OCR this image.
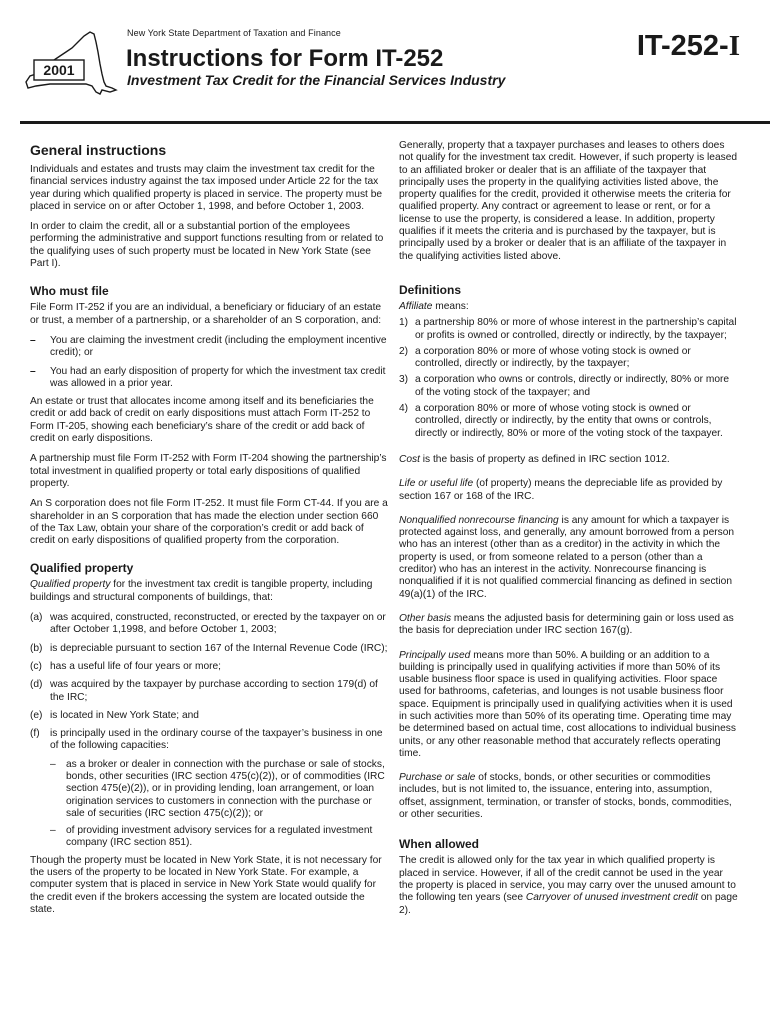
2001
New York State Department of Taxation and Finance
Instructions for Form IT-252
Investment Tax Credit for the Financial Services Industry
IT-252-I
General instructions

Individuals and estates and trusts may claim the investment tax credit for the financial services industry against the tax imposed under Article 22 for the tax year during which qualified property is placed in service. The property must be placed in service on or after October 1, 1998, and before October 1, 2003.

In order to claim the credit, all or a substantial portion of the employees performing the administrative and support functions resulting from or related to the qualifying uses of such property must be located in New York State (see Part I).

Who must file

File Form IT-252 if you are an individual, a beneficiary or fiduciary of an estate or trust, a member of a partnership, or a shareholder of an S corporation, and:

– You are claiming the investment credit (including the employment incentive credit); or
– You had an early disposition of property for which the investment tax credit was allowed in a prior year.

An estate or trust that allocates income among itself and its beneficiaries the credit or add back of credit on early dispositions must attach Form IT-252 to Form IT-205, showing each beneficiary’s share of the credit or add back of credit on early dispositions.

A partnership must file Form IT-252 with Form IT-204 showing the partnership’s total investment in qualified property or total early dispositions of qualified property.

An S corporation does not file Form IT-252. It must file Form CT-44. If you are a shareholder in an S corporation that has made the election under section 660 of the Tax Law, obtain your share of the corporation’s credit or add back of credit on early dispositions of qualified property from the corporation.

Qualified property

Qualified property for the investment tax credit is tangible property, including buildings and structural components of buildings, that:

(a) was acquired, constructed, reconstructed, or erected by the taxpayer on or after October 1,1998, and before October 1, 2003;
(b) is depreciable pursuant to section 167 of the Internal Revenue Code (IRC);
(c) has a useful life of four years or more;
(d) was acquired by the taxpayer by purchase according to section 179(d) of the IRC;
(e) is located in New York State; and
(f) is principally used in the ordinary course of the taxpayer’s business in one of the following capacities:
– as a broker or dealer in connection with the purchase or sale of stocks, bonds, other securities (IRC section 475(c)(2)), or of commodities (IRC section 475(e)(2)), or in providing lending, loan arrangement, or loan origination services to customers in connection with the purchase or sale of securities (IRC section 475(c)(2)); or
– of providing investment advisory services for a regulated investment company (IRC section 851).

Though the property must be located in New York State, it is not necessary for the users of the property to be located in New York State. For example, a computer system that is placed in service in New York State would qualify for the credit even if the brokers accessing the system are located outside the state.

Generally, property that a taxpayer purchases and leases to others does not qualify for the investment tax credit. However, if such property is leased to an affiliated broker or dealer that is an affiliate of the taxpayer that principally uses the property in the qualifying activities listed above, the property qualifies for the credit, provided it otherwise meets the criteria for qualified property. Any contract or agreement to lease or rent, or for a license to use the property, is considered a lease. In addition, property qualifies if it meets the criteria and is purchased by the taxpayer, but is principally used by a broker or dealer that is an affiliate of the taxpayer in the qualifying activities listed above.

Definitions

Affiliate means:

1) a partnership 80% or more of whose interest in the partnership’s capital or profits is owned or controlled, directly or indirectly, by the taxpayer;
2) a corporation 80% or more of whose voting stock is owned or controlled, directly or indirectly, by the taxpayer;
3) a corporation who owns or controls, directly or indirectly, 80% or more of the voting stock of the taxpayer; and
4) a corporation 80% or more of whose voting stock is owned or controlled, directly or indirectly, by the entity that owns or controls, directly or indirectly, 80% or more of the voting stock of the taxpayer.

Cost is the basis of property as defined in IRC section 1012.

Life or useful life (of property) means the depreciable life as provided by section 167 or 168 of the IRC.

Nonqualified nonrecourse financing is any amount for which a taxpayer is protected against loss, and generally, any amount borrowed from a person who has an interest (other than as a creditor) in the activity in which the property is used, or from someone related to a person (other than a creditor) who has an interest in the activity. Nonrecourse financing is nonqualified if it is not qualified commercial financing as defined in section 49(a)(1) of the IRC.

Other basis means the adjusted basis for determining gain or loss used as the basis for depreciation under IRC section 167(g).

Principally used means more than 50%. A building or an addition to a building is principally used in qualifying activities if more than 50% of its usable business floor space is used in qualifying activities. Floor space used for bathrooms, cafeterias, and lounges is not usable business floor space. Equipment is principally used in qualifying activities when it is used in such activities more than 50% of its operating time. Operating time may be determined based on actual time, cost allocations to individual business units, or any other reasonable method that accurately reflects operating time.

Purchase or sale of stocks, bonds, or other securities or commodities includes, but is not limited to, the issuance, entering into, assumption, offset, assignment, termination, or transfer of stocks, bonds, commodities, or other securities.

When allowed

The credit is allowed only for the tax year in which qualified property is placed in service. However, if all of the credit cannot be used in the year the property is placed in service, you may carry over the unused amount to the following ten years (see Carryover of unused investment credit on page 2).
